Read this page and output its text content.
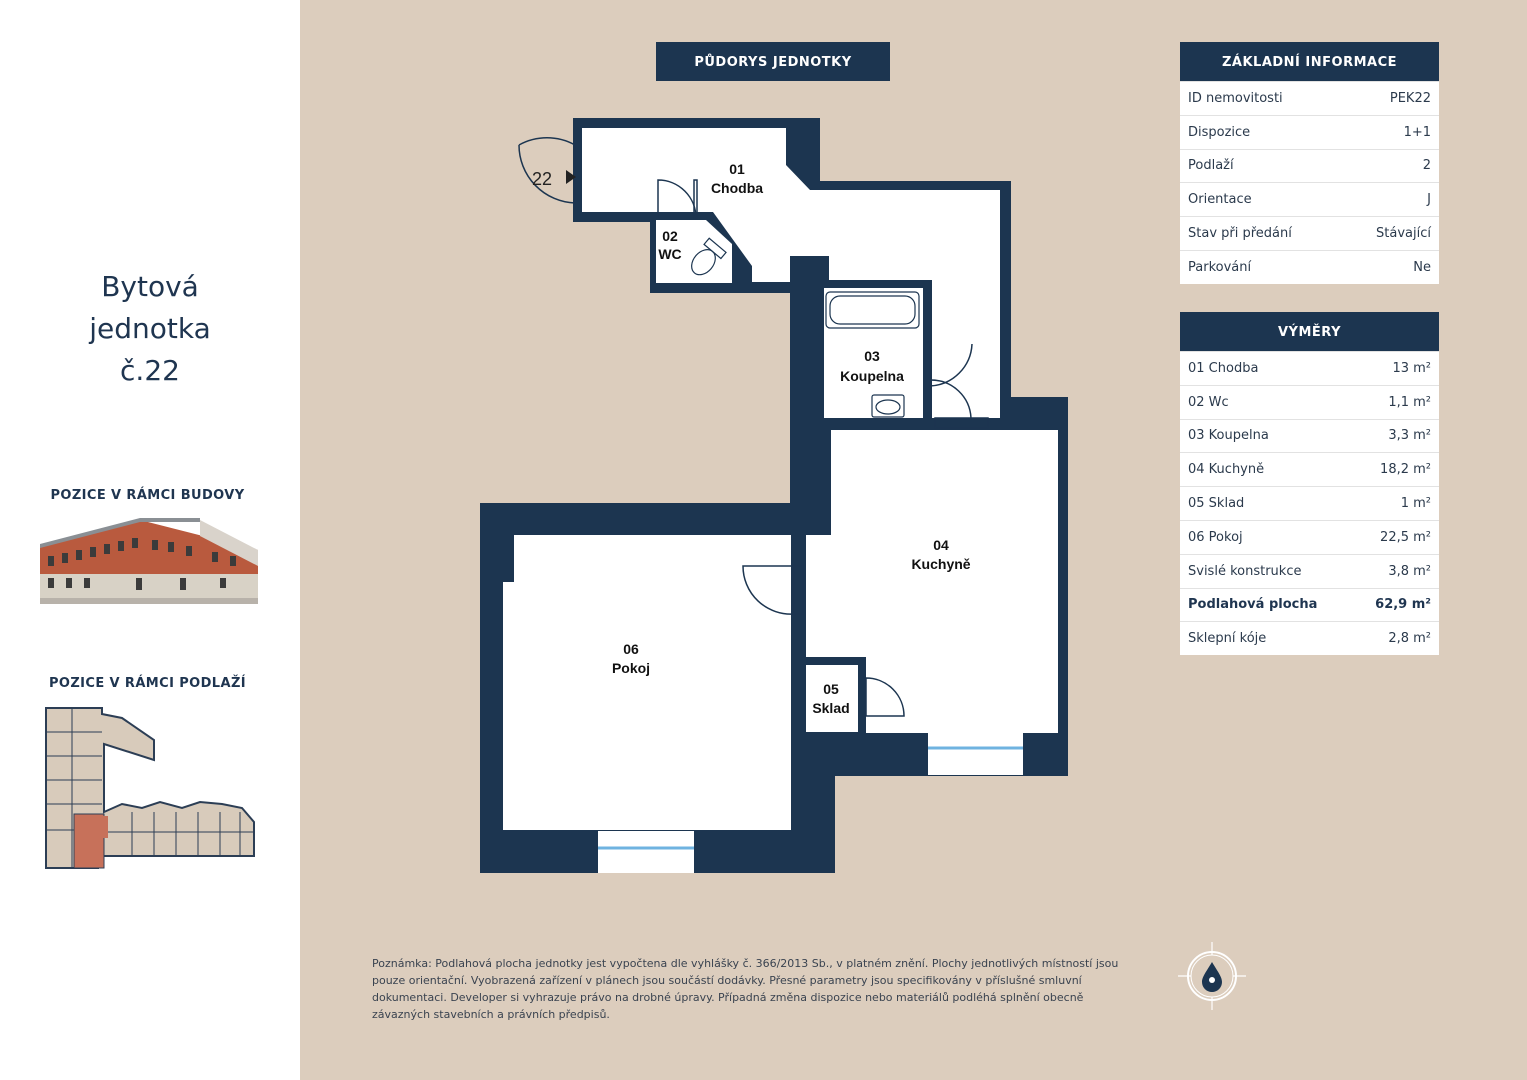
Bytová
jednotka
č.22
POZICE V RÁMCI BUDOVY
POZICE V RÁMCI PODLAŽÍ
PŮDORYS JEDNOTKY
22	01
Chodba
02
WC
03
Koupelna
04
Kuchyně
05
Sklad
06
Pokoj
ZÁKLADNÍ INFORMACE
ID nemovitosti	PEK22
Dispozice	1+1
Podlaží	2
Orientace	J
Stav při předání	Stávající
Parkování	Ne
VÝMĚRY
01 Chodba	13 m²
02 Wc	1,1 m²
03 Koupelna	3,3 m²
04 Kuchyně	18,2 m²
05 Sklad	1 m²
06 Pokoj	22,5 m²
Svislé konstrukce	3,8 m²
Podlahová plocha	62,9 m²
Sklepní kóje	2,8 m²
Poznámka: Podlahová plocha jednotky jest vypočtena dle vyhlášky č. 366/2013 Sb., v platném znění. Plochy jednotlivých místností jsou pouze orientační. Vyobrazená zařízení v plánech jsou součástí dodávky. Přesné parametry jsou specifikovány v příslušné smluvní dokumentaci. Developer si vyhrazuje právo na drobné úpravy. Případná změna dispozice nebo materiálů podléhá splnění obecně závazných stavebních a právních předpisů.
